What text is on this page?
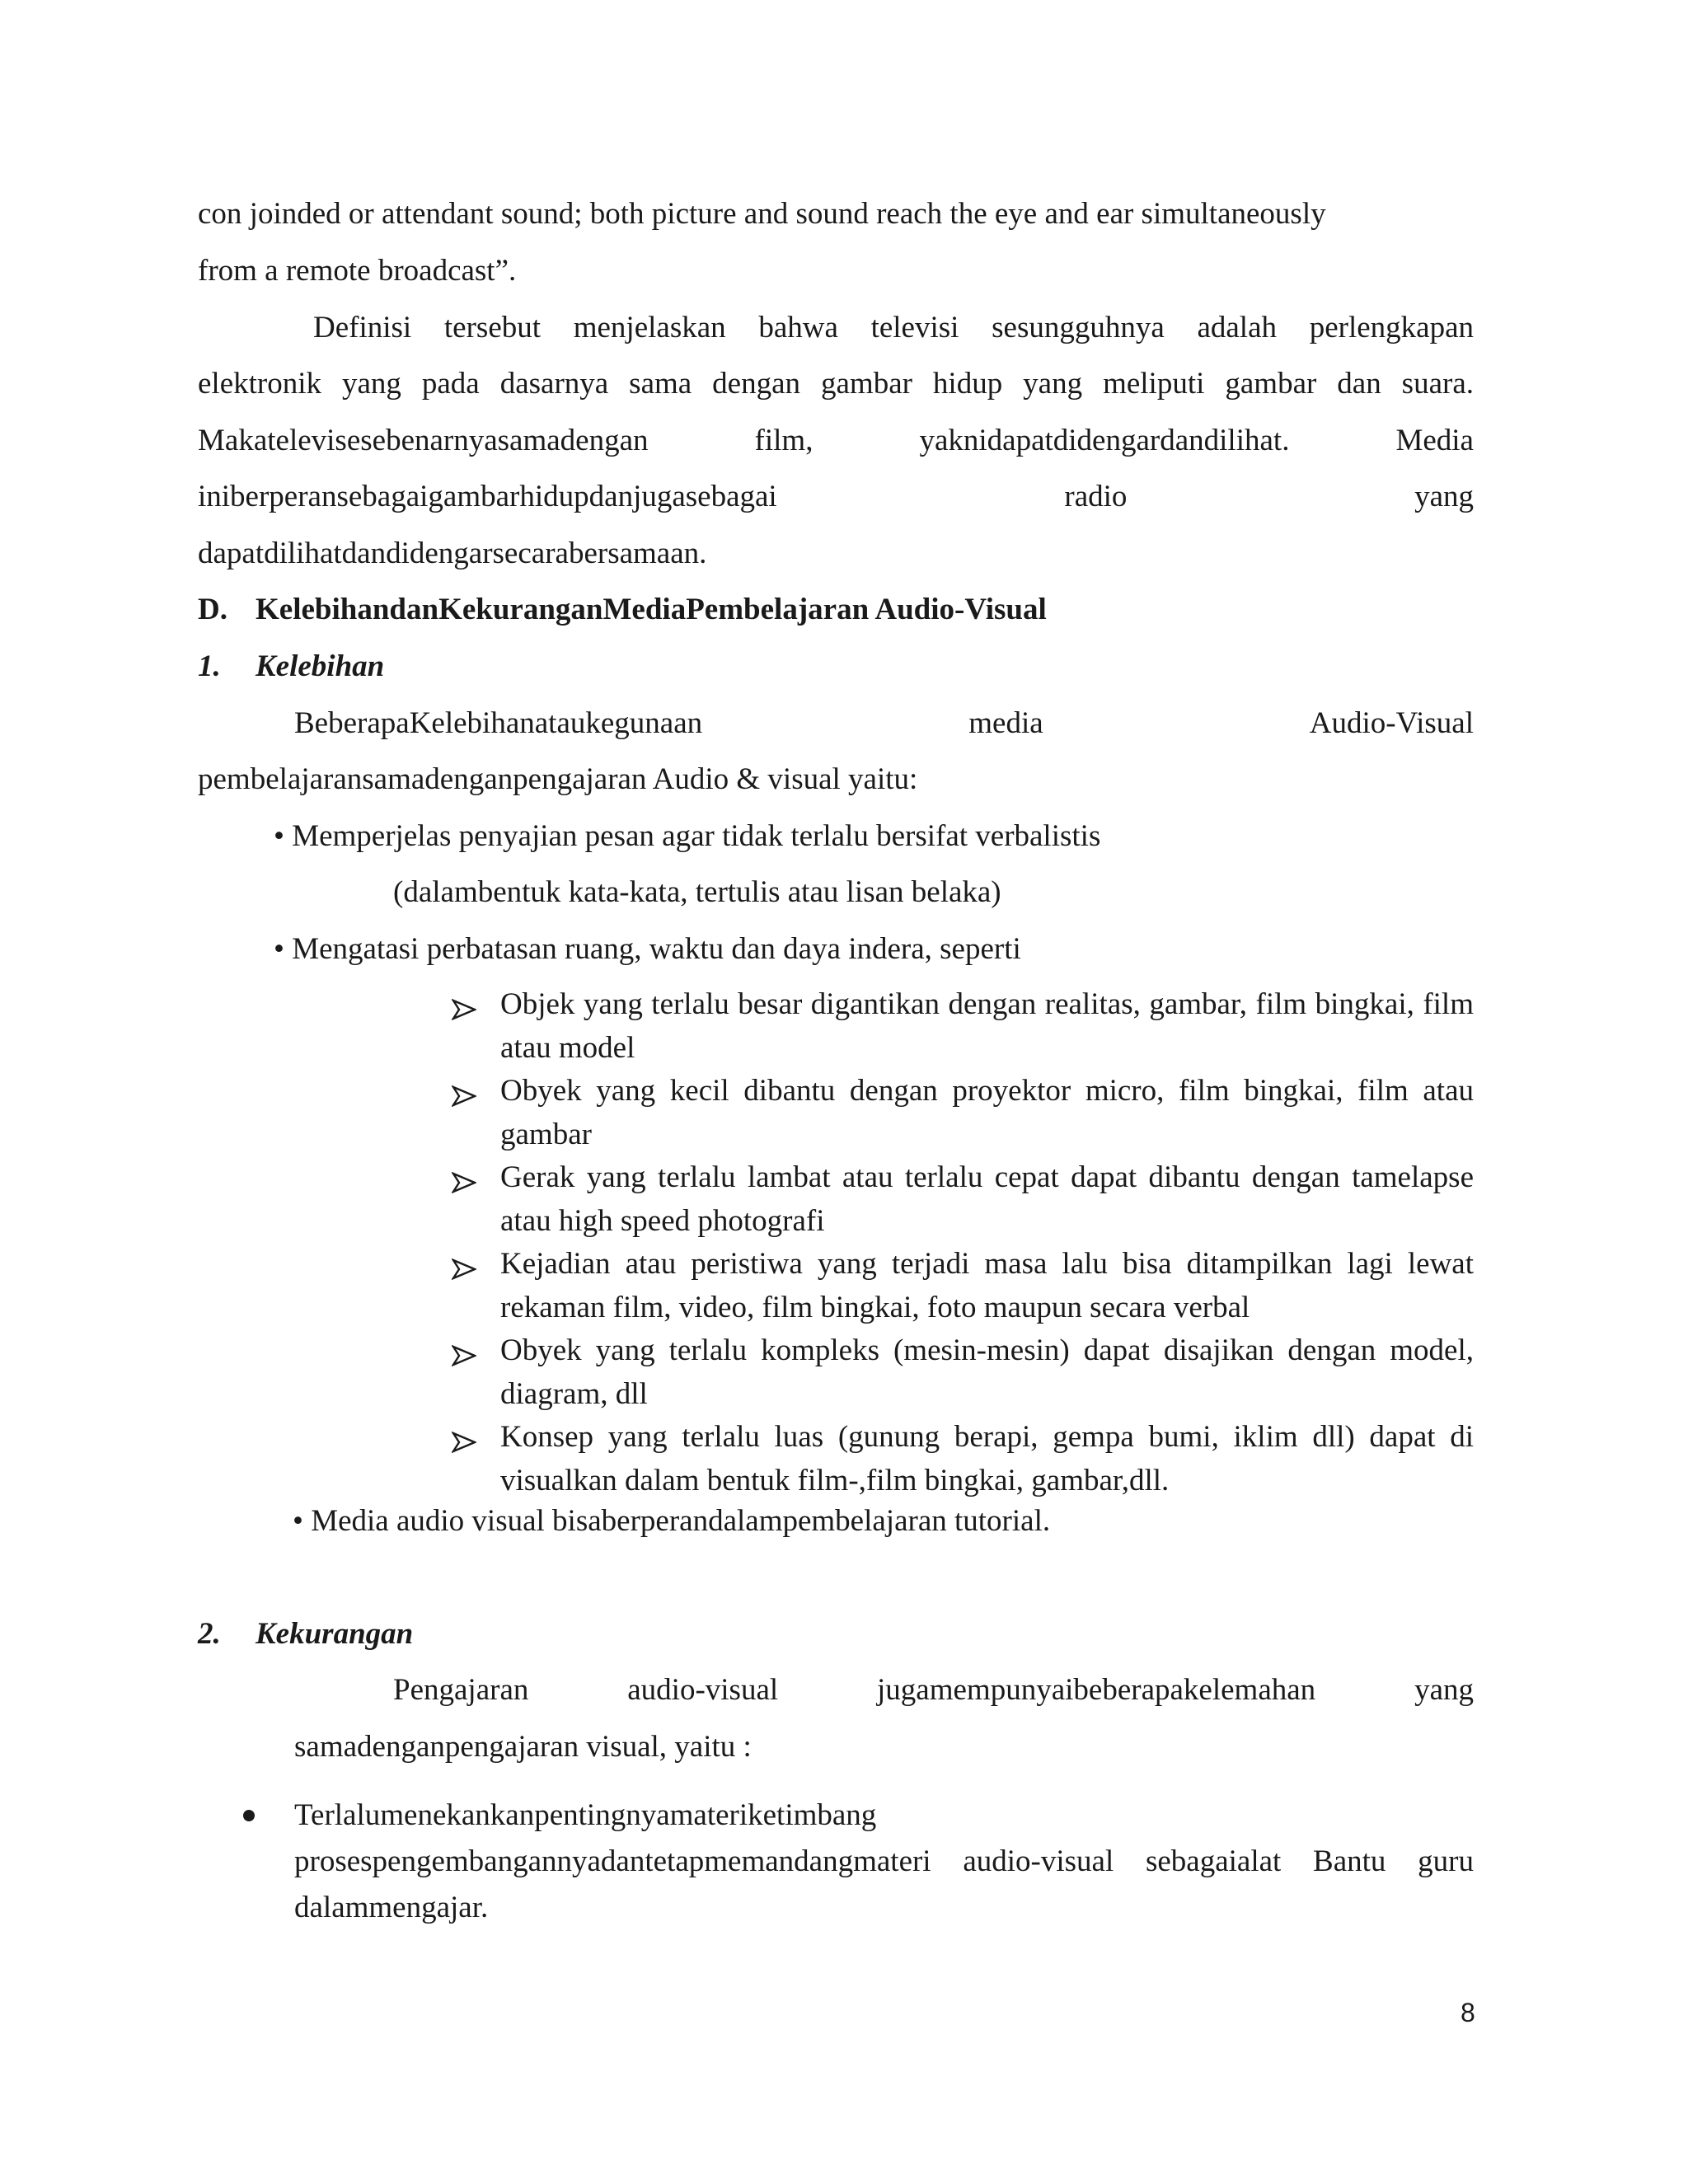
con joinded or attendant sound; both picture and sound reach the eye and ear simultaneously
from a remote broadcast”.
Definisi tersebut menjelaskan bahwa televisi sesungguhnya adalah perlengkapan
elektronik yang pada dasarnya sama dengan gambar hidup yang meliputi gambar dan suara.
Makatelevisesebenarnyasamadengan	film,	yaknidapatdidengardandilihat.	Media
iniberperansebagaigambarhidupdanjugasebagai	radio	yang
dapatdilihatdandidengarsecarabersamaan.
D. KelebihandanKekuranganMediaPembelajaran Audio-Visual
1. Kelebihan
BeberapaKelebihanataukegunaan	media	Audio-Visual
pembelajaransamadenganpengajaran Audio & visual yaitu:
• Memperjelas penyajian pesan agar tidak terlalu bersifat verbalistis
(dalambentuk kata-kata, tertulis atau lisan belaka)
• Mengatasi perbatasan ruang, waktu dan daya indera, seperti
Objek yang terlalu besar digantikan dengan realitas, gambar, film bingkai, film atau model
Obyek yang kecil dibantu dengan proyektor micro, film bingkai, film atau gambar
Gerak yang terlalu lambat atau terlalu cepat dapat dibantu dengan tamelapse atau high speed photografi
Kejadian atau peristiwa yang terjadi masa lalu bisa ditampilkan lagi lewat rekaman film, video, film bingkai, foto maupun secara verbal
Obyek yang terlalu kompleks (mesin-mesin) dapat disajikan dengan model, diagram, dll
Konsep yang terlalu luas (gunung berapi, gempa bumi, iklim dll) dapat di visualkan dalam bentuk film-,film bingkai, gambar,dll.
• Media audio visual bisaberperandalampembelajaran tutorial.
2. Kekurangan
Pengajaran	audio-visual	jugamempunyaibeberapakelemahan	yang
samadenganpengajaran visual, yaitu :
Terlalumenekankanpentingnyamateriketimbang
prosespengembangannyadantetapmemandangmateri audio-visual sebagaialat Bantu guru
dalammengajar.
8
